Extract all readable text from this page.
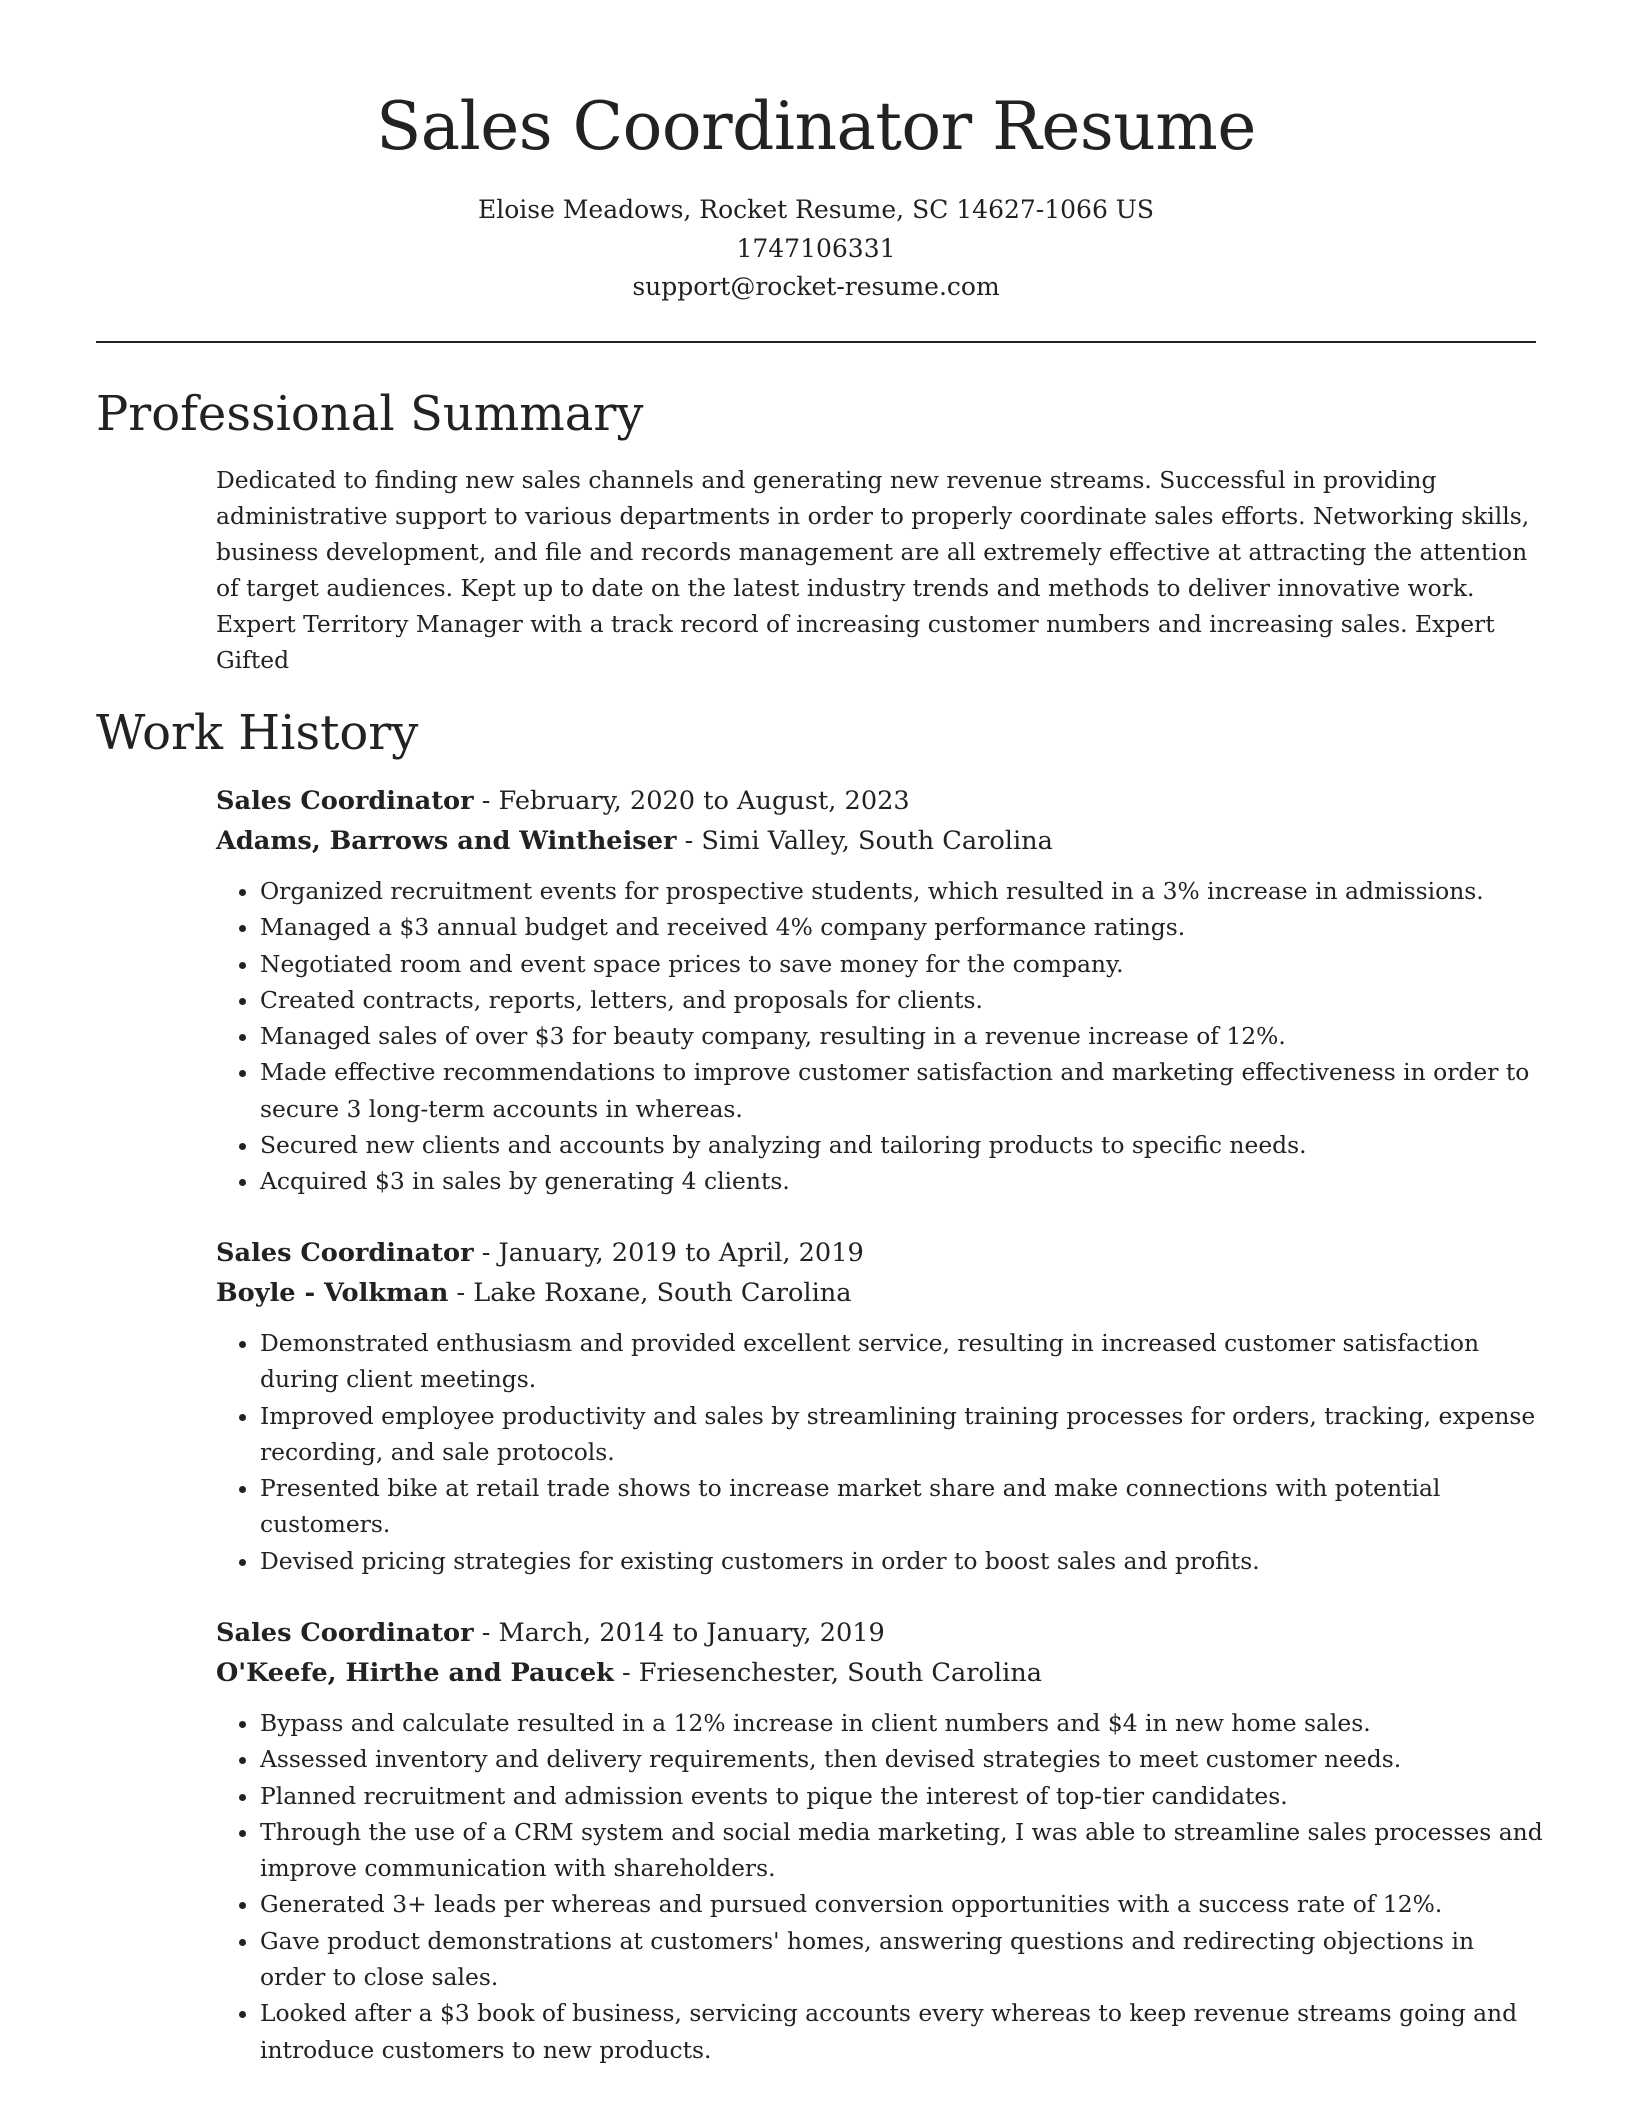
Sales Coordinator Resume
Eloise Meadows, Rocket Resume, SC 14627-1066 US
1747106331
support@rocket-resume.com
Professional Summary

Dedicated to finding new sales channels and generating new revenue streams. Successful in providing administrative support to various departments in order to properly coordinate sales efforts. Networking skills, business development, and file and records management are all extremely effective at attracting the attention of target audiences. Kept up to date on the latest industry trends and methods to deliver innovative work. Expert Territory Manager with a track record of increasing customer numbers and increasing sales. Expert Gifted

Work History
Sales Coordinator - February, 2020 to August, 2023
Adams, Barrows and Wintheiser - Simi Valley, South Carolina
• Organized recruitment events for prospective students, which resulted in a 3% increase in admissions.
• Managed a $3 annual budget and received 4% company performance ratings.
• Negotiated room and event space prices to save money for the company.
• Created contracts, reports, letters, and proposals for clients.
• Managed sales of over $3 for beauty company, resulting in a revenue increase of 12%.
• Made effective recommendations to improve customer satisfaction and marketing effectiveness in order to secure 3 long-term accounts in whereas.
• Secured new clients and accounts by analyzing and tailoring products to specific needs.
• Acquired $3 in sales by generating 4 clients.
Sales Coordinator - January, 2019 to April, 2019
Boyle - Volkman - Lake Roxane, South Carolina
• Demonstrated enthusiasm and provided excellent service, resulting in increased customer satisfaction during client meetings.
• Improved employee productivity and sales by streamlining training processes for orders, tracking, expense recording, and sale protocols.
• Presented bike at retail trade shows to increase market share and make connections with potential customers.
• Devised pricing strategies for existing customers in order to boost sales and profits.
Sales Coordinator - March, 2014 to January, 2019
O'Keefe, Hirthe and Paucek - Friesenchester, South Carolina
• Bypass and calculate resulted in a 12% increase in client numbers and $4 in new home sales.
• Assessed inventory and delivery requirements, then devised strategies to meet customer needs.
• Planned recruitment and admission events to pique the interest of top-tier candidates.
• Through the use of a CRM system and social media marketing, I was able to streamline sales processes and improve communication with shareholders.
• Generated 3+ leads per whereas and pursued conversion opportunities with a success rate of 12%.
• Gave product demonstrations at customers' homes, answering questions and redirecting objections in order to close sales.
• Looked after a $3 book of business, servicing accounts every whereas to keep revenue streams going and introduce customers to new products.
